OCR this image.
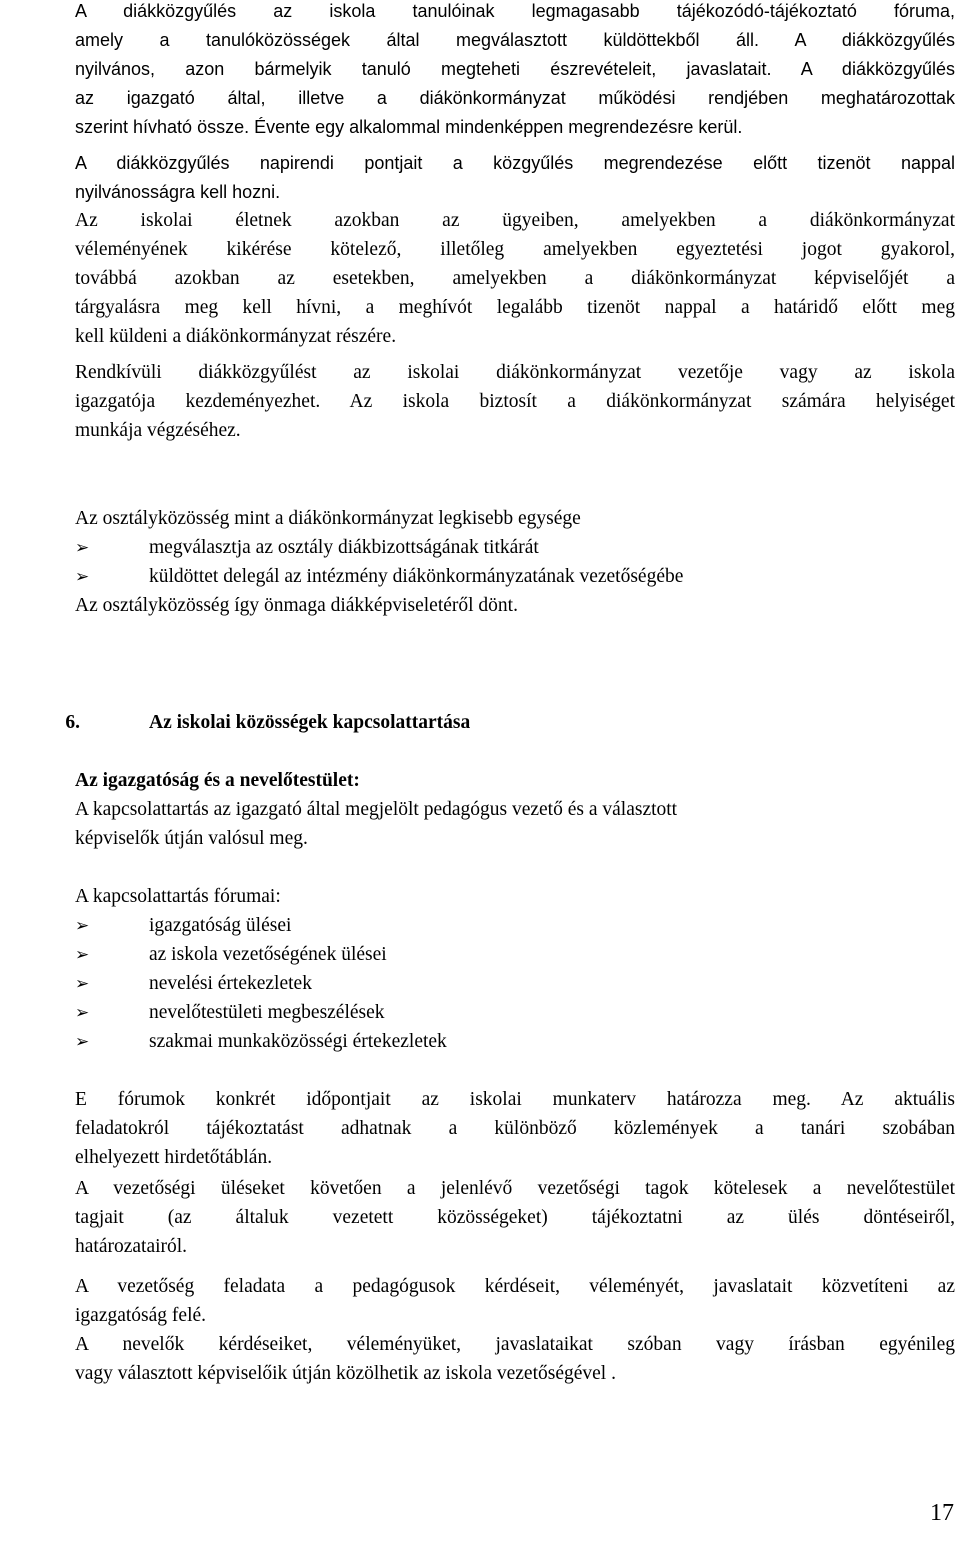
A diákközgyűlés az iskola tanulóinak legmagasabb tájékozódó-tájékoztató fóruma,
amely a tanulóközösségek által megválasztott küldöttekből áll. A diákközgyűlés
nyilvános, azon bármelyik tanuló megteheti észrevételeit, javaslatait. A diákközgyűlés
az igazgató által, illetve a diákönkormányzat működési rendjében meghatározottak
szerint hívható össze. Évente egy alkalommal mindenképpen megrendezésre kerül.
A diákközgyűlés napirendi pontjait a közgyűlés megrendezése előtt tizenöt nappal
nyilvánosságra kell hozni.
Az iskolai életnek azokban az ügyeiben, amelyekben a diákönkormányzat
véleményének kikérése kötelező, illetőleg amelyekben egyeztetési jogot gyakorol,
továbbá azokban az esetekben, amelyekben a diákönkormányzat képviselőjét a
tárgyalásra meg kell hívni, a meghívót legalább tizenöt nappal a határidő előtt meg
kell küldeni a diákönkormányzat részére.
Rendkívüli diákközgyűlést az iskolai diákönkormányzat vezetője vagy az iskola
igazgatója kezdeményezhet. Az iskola biztosít a diákönkormányzat számára helyiséget
munkája végzéséhez.
Az osztályközösség mint a diákönkormányzat legkisebb egysége
➢	megválasztja az osztály diákbizottságának titkárát
➢	küldöttet delegál az intézmény diákönkormányzatának vezetőségébe
Az osztályközösség így önmaga diákképviseletéről dönt.
6.	Az iskolai közösségek kapcsolattartása
Az igazgatóság és a nevelőtestület:
A kapcsolattartás az igazgató által megjelölt pedagógus vezető és a választott
képviselők útján valósul meg.
A kapcsolattartás fórumai:
➢	igazgatóság ülései
➢	az iskola vezetőségének ülései
➢	nevelési értekezletek
➢	nevelőtestületi megbeszélések
➢	szakmai munkaközösségi értekezletek
E fórumok konkrét időpontjait az iskolai munkaterv határozza meg. Az aktuális
feladatokról tájékoztatást adhatnak a különböző közlemények a tanári szobában
elhelyezett hirdetőtáblán.
A vezetőségi üléseket követően a jelenlévő vezetőségi tagok kötelesek a nevelőtestület
tagjait (az általuk vezetett közösségeket) tájékoztatni az ülés döntéseiről,
határozatairól.
A vezetőség feladata a pedagógusok kérdéseit, véleményét, javaslatait közvetíteni az
igazgatóság felé.
A nevelők kérdéseiket, véleményüket, javaslataikat szóban vagy írásban egyénileg
vagy választott képviselőik útján közölhetik az iskola vezetőségével .
17
